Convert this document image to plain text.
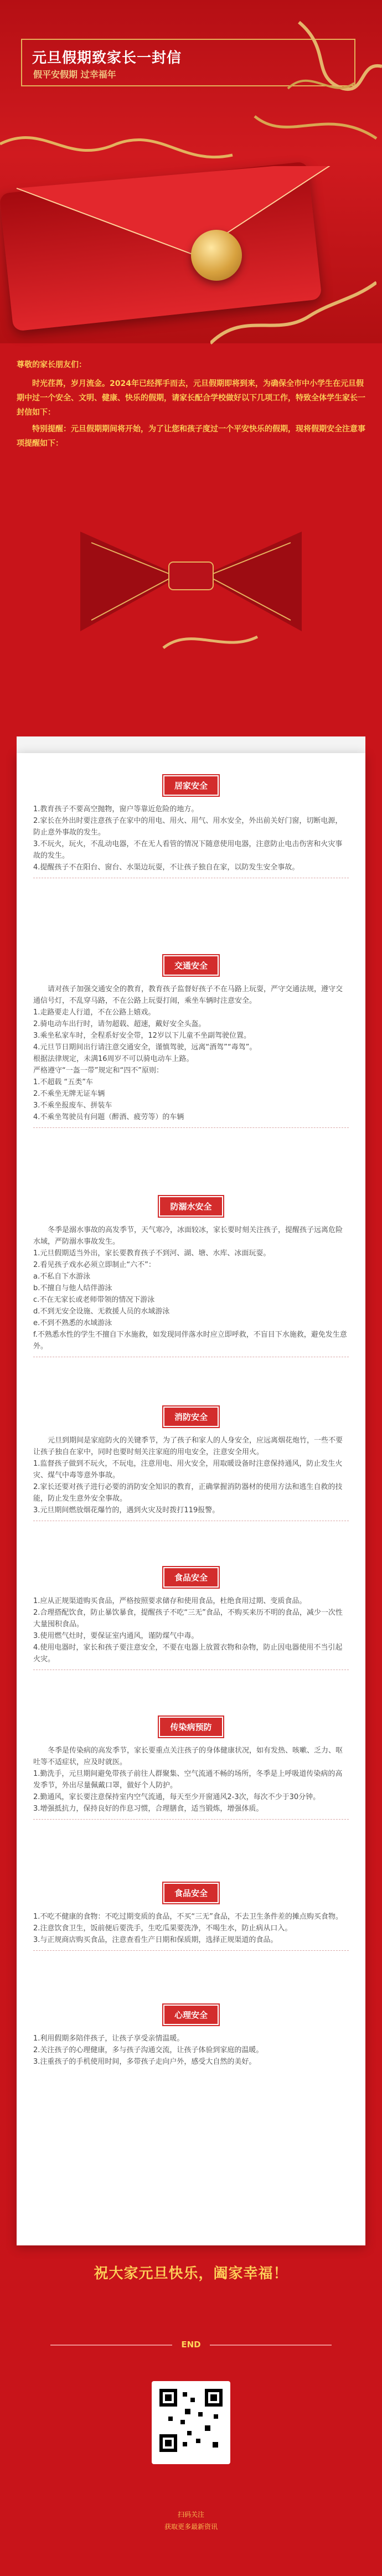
元旦假期致家长一封信
假平安假期 过幸福年

尊敬的家长朋友们：

时光荏苒，岁月流金。2024年已经挥手而去，元旦假期即将到来，为确保全市中小学生在元旦假期中过一个安全、文明、健康、快乐的假期，请家长配合学校做好以下几项工作，特致全体学生家长一封信如下：

特别提醒：元旦假期期间将开始，为了让您和孩子度过一个平安快乐的假期，现将假期安全注意事项提醒如下：

居家安全

1.教育孩子不要高空抛物，窗户等靠近危险的地方。

2.家长在外出时要注意孩子在家中的用电、用火、用气、用水安全，外出前关好门窗，切断电源，防止意外事故的发生。

3.不玩火，玩火，不乱动电器，不在无人看管的情况下随意使用电器，注意防止电击伤害和火灾事故的发生。

4.提醒孩子不在阳台、窗台、水渠边玩耍，不让孩子独自在家，以防发生安全事故。

交通安全

请对孩子加强交通安全的教育，教育孩子监督好孩子不在马路上玩耍，严守交通法规，遵守交通信号灯，不乱穿马路，不在公路上玩耍打闹，乘坐车辆时注意安全。

1.走路要走人行道，不在公路上嬉戏。

2.骑电动车出行时，请勿超载、超速，戴好安全头盔。

3.乘坐私家车时，全程系好安全带，12岁以下儿童不坐副驾驶位置。

4.元旦节日期间出行请注意交通安全，谨慎驾驶，远离“酒驾”“毒驾”。

根据法律规定，未满16周岁不可以骑电动车上路。

严格遵守“一盔一带”规定和“四不”原则：

1.不超载 “五类”车

2.不乘坐无牌无证车辆

3.不乘坐报废车、拼装车

4.不乘坐驾驶员有问题（醉酒、疲劳等）的车辆

防溺水安全

冬季是溺水事故的高发季节，天气寒冷，冰面较冰，家长要时刻关注孩子，提醒孩子远离危险水域，严防溺水事故发生。

1.元旦假期适当外出，家长要教育孩子不到河、湖、塘、水库、冰面玩耍。

2.看见孩子戏水必须立即制止“六不”：

a.不私自下水游泳

b.不擅自与他人结伴游泳

c.不在无家长或老师带领的情况下游泳

d.不到无安全设施、无救援人员的水域游泳

e.不到不熟悉的水域游泳

f.不熟悉水性的学生不擅自下水施救，如发现同伴落水时应立即呼救，不盲目下水施救，避免发生意外。

消防安全

元旦到期间是家庭防火的关键季节，为了孩子和家人的人身安全，应远离烟花炮竹，一些不要让孩子独自在家中，同时也要时刻关注家庭的用电安全，注意安全用火。

1.监督孩子做到不玩火，不玩电，注意用电、用火安全，用取暖设备时注意保持通风，防止发生火灾、煤气中毒等意外事故。

2.家长还要对孩子进行必要的消防安全知识的教育，正确掌握消防器材的使用方法和逃生自救的技能，防止发生意外安全事故。

3.元旦期间燃放烟花爆竹的，遇到火灾及时拨打119报警。

食品安全

1.应从正规渠道购买食品，严格按照要求储存和使用食品，杜绝食用过期、变质食品。

2.合理搭配饮食，防止暴饮暴食，提醒孩子不吃“三无”食品，不购买来历不明的食品，减少一次性大量囤积食品。

3.使用燃气灶时，要保证室内通风，谨防煤气中毒。

4.使用电器时，家长和孩子要注意安全，不要在电器上放置衣物和杂物，防止因电器使用不当引起火灾。

传染病预防

冬季是传染病的高发季节，家长要重点关注孩子的身体健康状况，如有发热、咳嗽、乏力、呕吐等不适症状，应及时就医。

1.勤洗手，元旦期间避免带孩子前往人群聚集、空气流通不畅的场所，冬季是上呼吸道传染病的高发季节，外出尽量佩戴口罩，做好个人防护。

2.勤通风，家长要注意保持室内空气流通，每天至少开窗通风2-3次，每次不少于30分钟。

3.增强抵抗力，保持良好的作息习惯，合理膳食，适当锻炼，增强体质。

食品安全

1.不吃不健康的食物：不吃过期变质的食品，不买“三无”食品，不去卫生条件差的摊点购买食物。

2.注意饮食卫生，饭前便后要洗手，生吃瓜果要洗净，不喝生水，防止病从口入。

3.与正规商店购买食品，注意查看生产日期和保质期，选择正规渠道的食品。

心理安全

1.利用假期多陪伴孩子，让孩子享受亲情温暖。

2.关注孩子的心理健康，多与孩子沟通交流，让孩子体验到家庭的温暖。

3.注重孩子的手机使用时间，多带孩子走向户外，感受大自然的美好。

祝大家元旦快乐，阖家幸福！
END
扫码关注
获取更多最新资讯
